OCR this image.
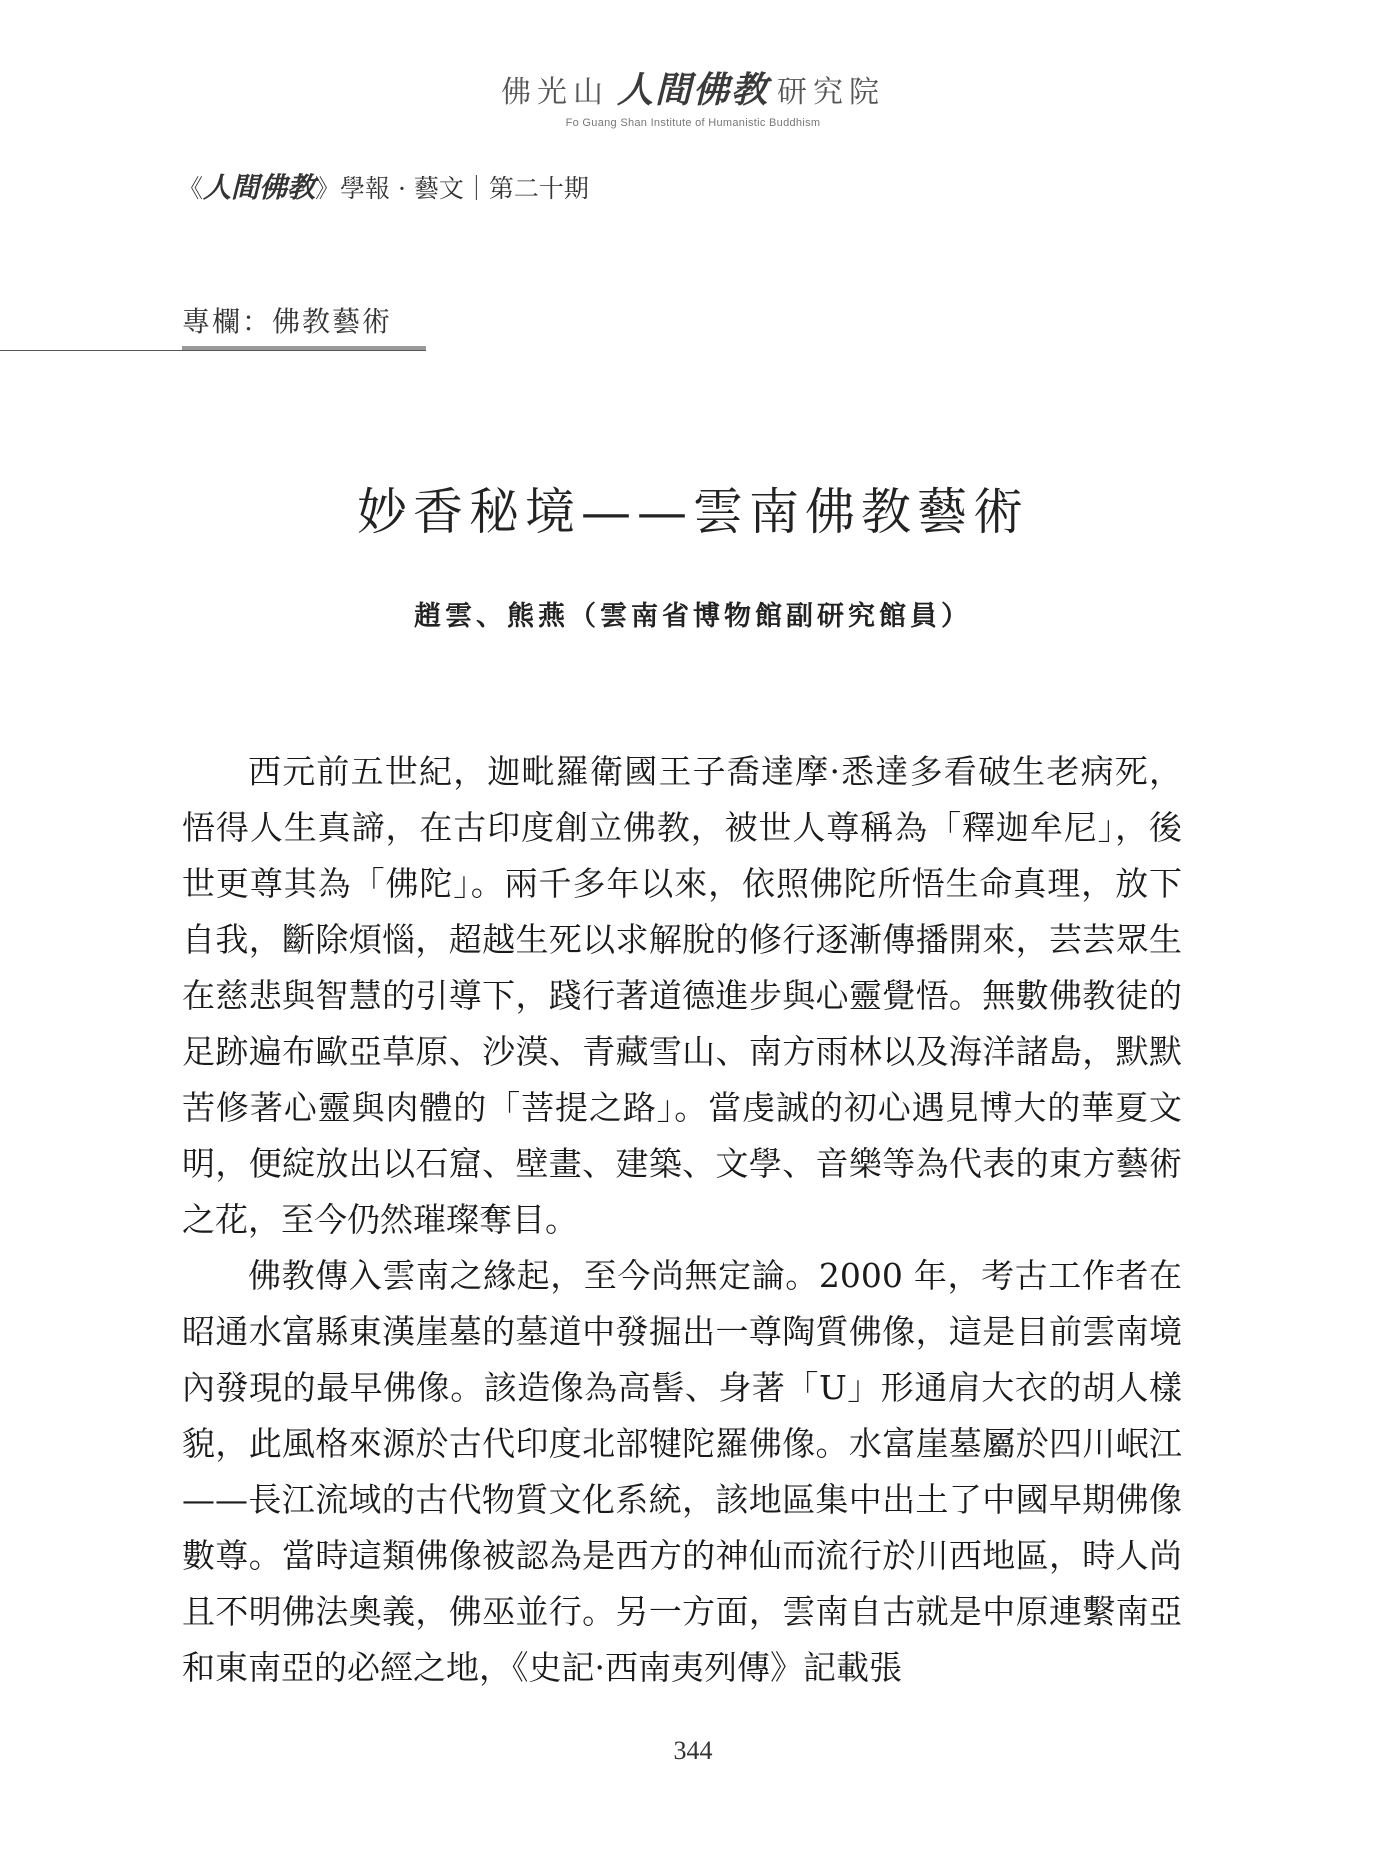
佛光山 人間佛教 研究院
Fo Guang Shan Institute of Humanistic Buddhism
《人間佛教》學報 · 藝文｜第二十期
專欄：佛教藝術
妙香秘境——雲南佛教藝術
趙雲、熊燕（雲南省博物館副研究館員）

西元前五世紀，迦毗羅衛國王子喬達摩·悉達多看破生老病死，悟得人生真諦，在古印度創立佛教，被世人尊稱為「釋迦牟尼」，後世更尊其為「佛陀」。兩千多年以來，依照佛陀所悟生命真理，放下自我，斷除煩惱，超越生死以求解脫的修行逐漸傳播開來，芸芸眾生在慈悲與智慧的引導下，踐行著道德進步與心靈覺悟。無數佛教徒的足跡遍布歐亞草原、沙漠、青藏雪山、南方雨林以及海洋諸島，默默苦修著心靈與肉體的「菩提之路」。當虔誠的初心遇見博大的華夏文明，便綻放出以石窟、壁畫、建築、文學、音樂等為代表的東方藝術之花，至今仍然璀璨奪目。

佛教傳入雲南之緣起，至今尚無定論。2000 年，考古工作者在昭通水富縣東漢崖墓的墓道中發掘出一尊陶質佛像，這是目前雲南境內發現的最早佛像。該造像為高髻、身著「U」形通肩大衣的胡人樣貌，此風格來源於古代印度北部犍陀羅佛像。水富崖墓屬於四川岷江——長江流域的古代物質文化系統，該地區集中出土了中國早期佛像數尊。當時這類佛像被認為是西方的神仙而流行於川西地區，時人尚且不明佛法奧義，佛巫並行。另一方面，雲南自古就是中原連繫南亞和東南亞的必經之地，《史記·西南夷列傳》記載張

344
